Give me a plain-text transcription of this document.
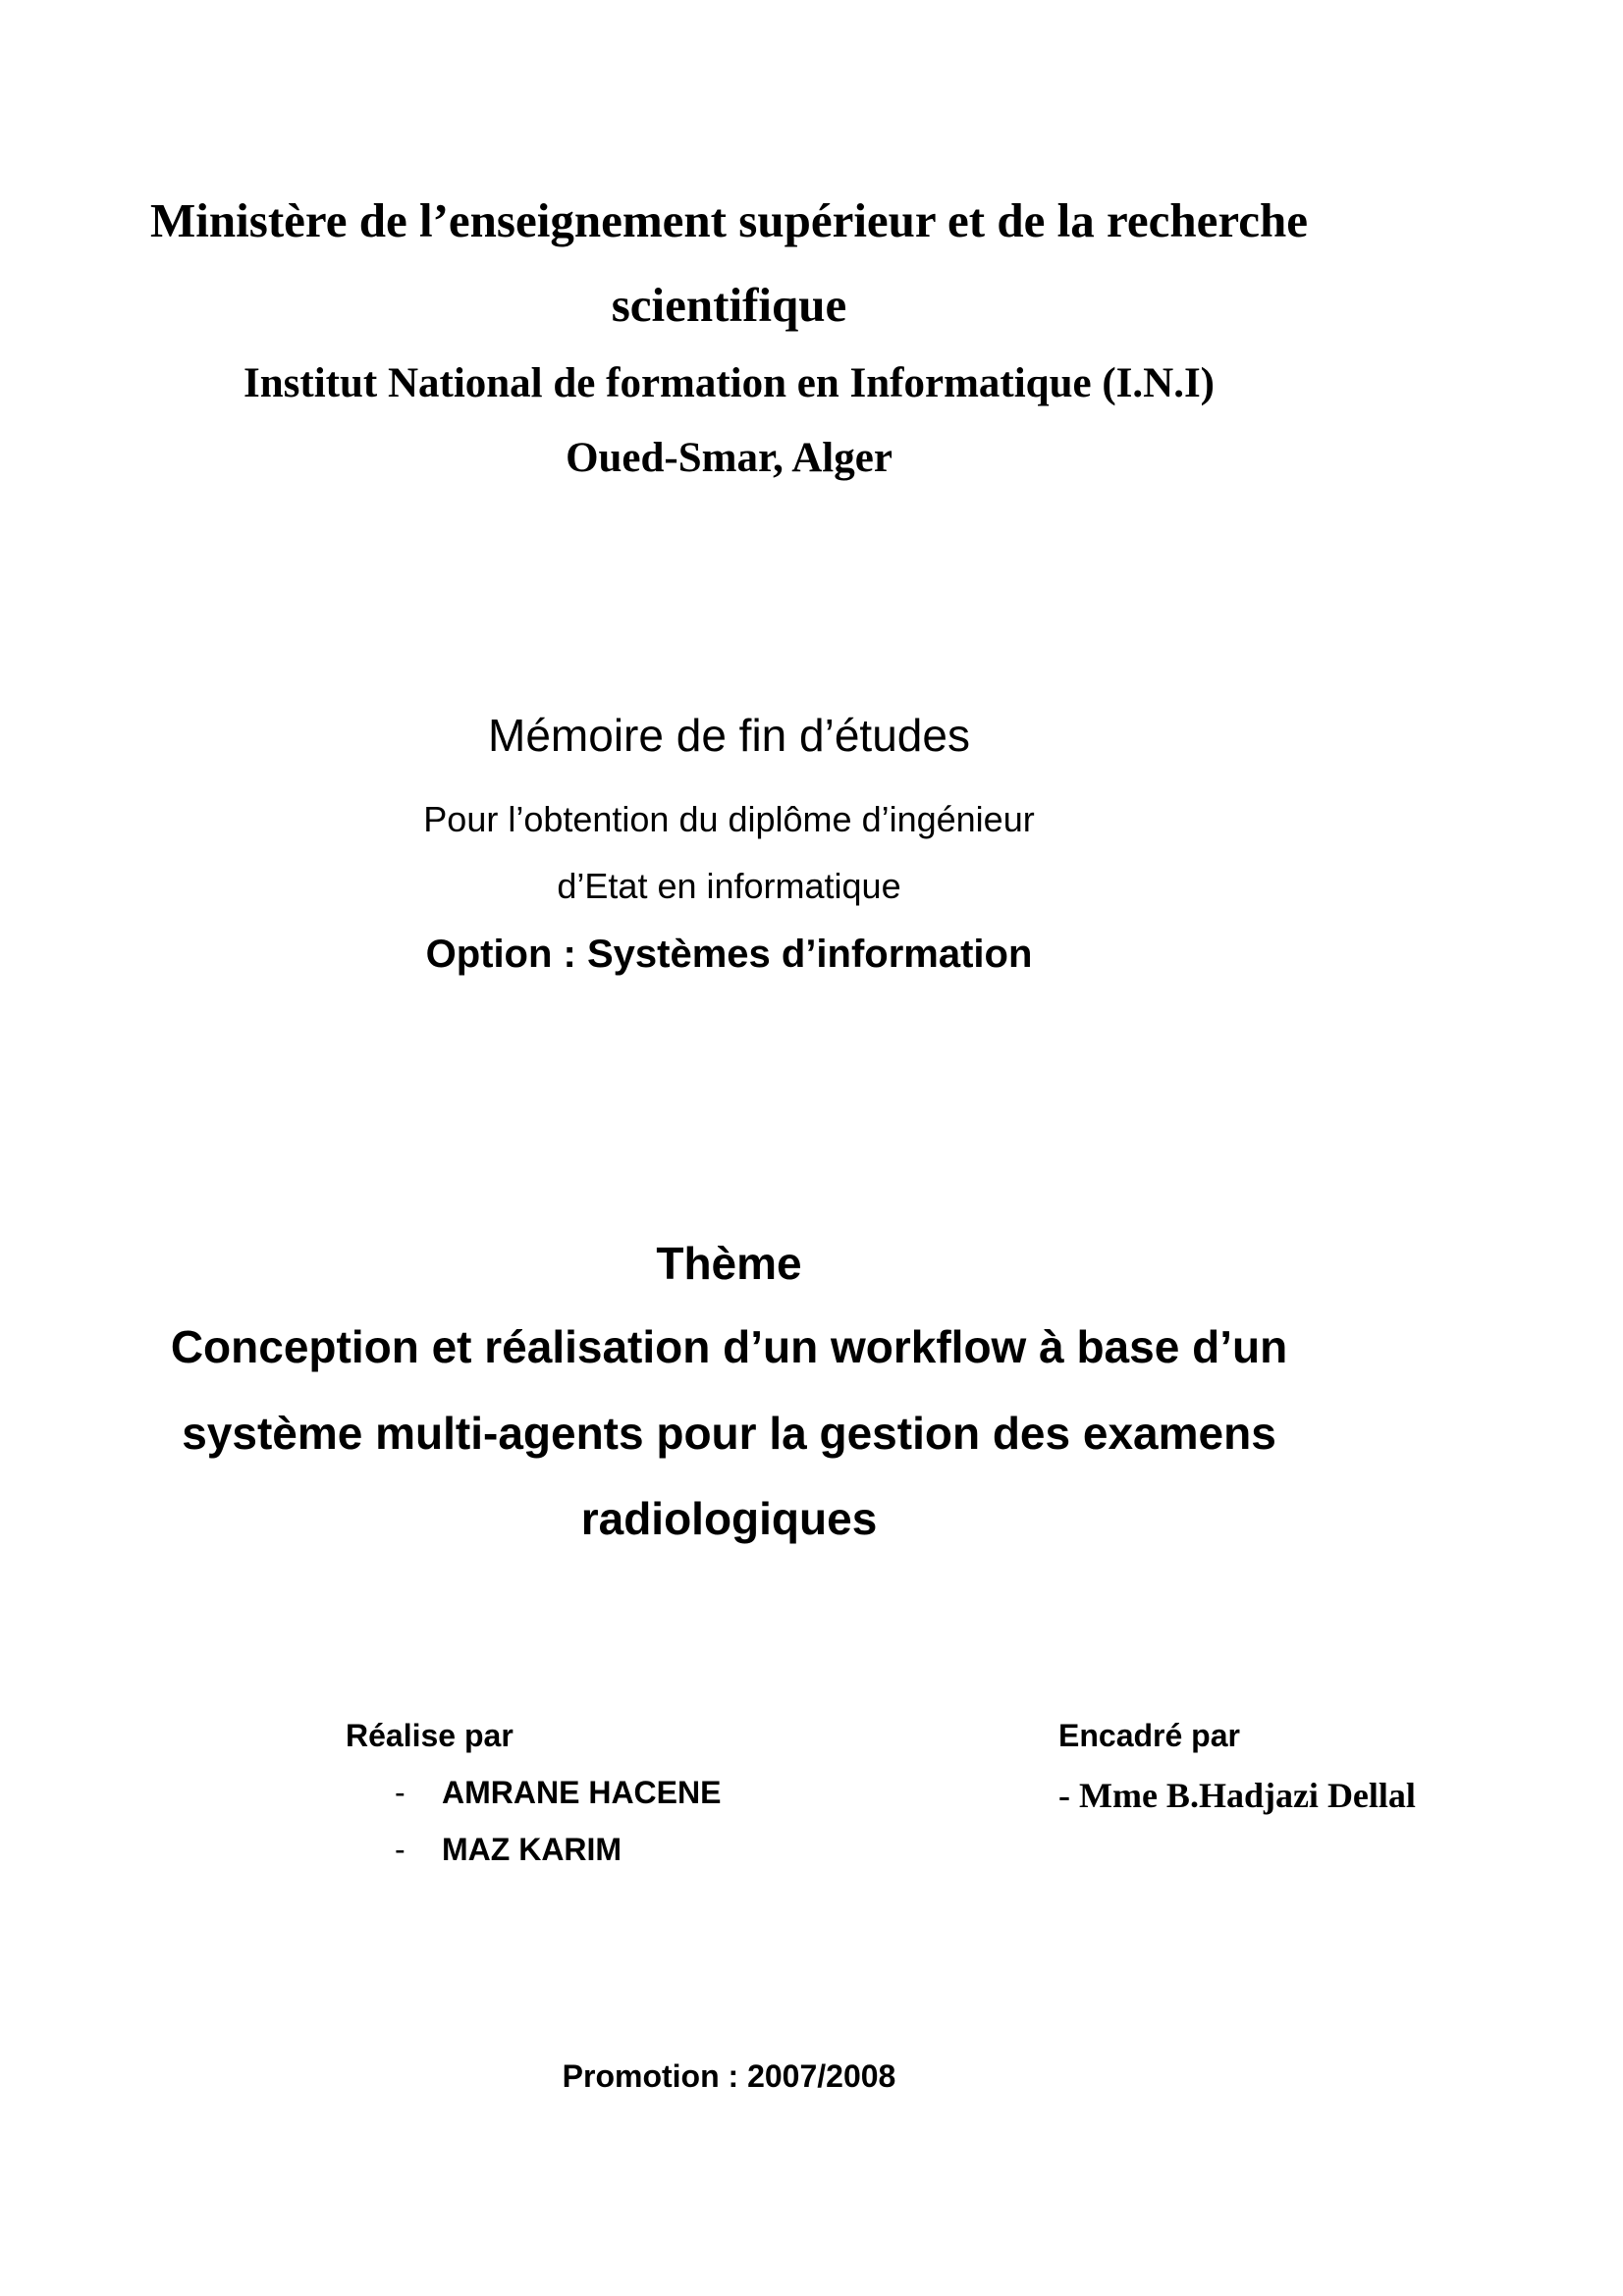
Ministère de l’enseignement supérieur et de la recherche
scientifique
Institut National de formation en Informatique (I.N.I)
Oued-Smar, Alger
Mémoire de fin d’études
Pour l’obtention du diplôme d’ingénieur
d’Etat en informatique
Option : Systèmes d’information
Thème
Conception et réalisation d’un workflow à base d’un
système multi-agents pour la gestion des examens
radiologiques
Réalise par
- AMRANE HACENE
- MAZ KARIM
Encadré par
- Mme B.Hadjazi Dellal
Promotion : 2007/2008
